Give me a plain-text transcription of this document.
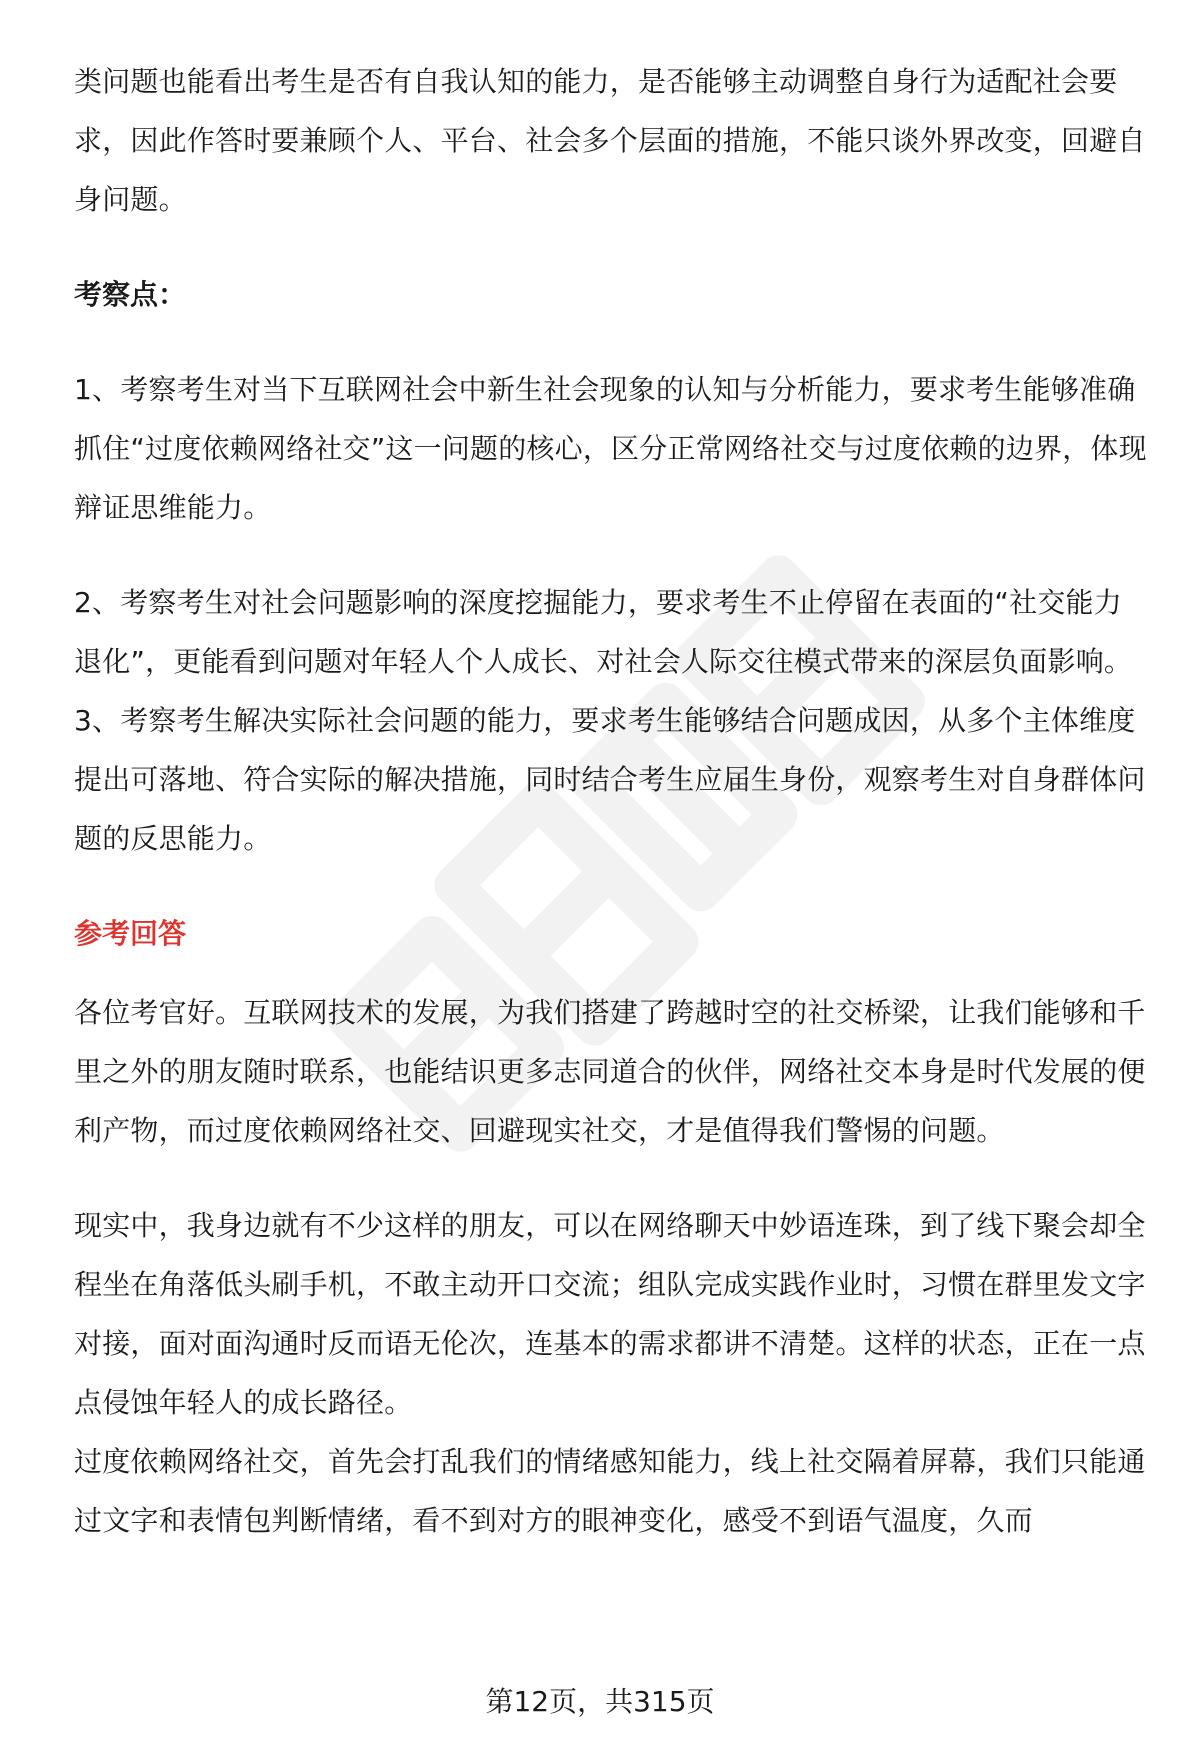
类问题也能看出考生是否有自我认知的能力，是否能够主动调整自身行为适配社会要求，因此作答时要兼顾个人、平台、社会多个层面的措施，不能只谈外界改变，回避自身问题。

考察点：

1、考察考生对当下互联网社会中新生社会现象的认知与分析能力，要求考生能够准确抓住“过度依赖网络社交”这一问题的核心，区分正常网络社交与过度依赖的边界，体现辩证思维能力。

2、考察考生对社会问题影响的深度挖掘能力，要求考生不止停留在表面的“社交能力退化”，更能看到问题对年轻人个人成长、对社会人际交往模式带来的深层负面影响。

3、考察考生解决实际社会问题的能力，要求考生能够结合问题成因，从多个主体维度提出可落地、符合实际的解决措施，同时结合考生应届生身份，观察考生对自身群体问题的反思能力。

参考回答

各位考官好。互联网技术的发展，为我们搭建了跨越时空的社交桥梁，让我们能够和千里之外的朋友随时联系，也能结识更多志同道合的伙伴，网络社交本身是时代发展的便利产物，而过度依赖网络社交、回避现实社交，才是值得我们警惕的问题。

现实中，我身边就有不少这样的朋友，可以在网络聊天中妙语连珠，到了线下聚会却全程坐在角落低头刷手机，不敢主动开口交流；组队完成实践作业时，习惯在群里发文字对接，面对面沟通时反而语无伦次，连基本的需求都讲不清楚。这样的状态，正在一点点侵蚀年轻人的成长路径。

过度依赖网络社交，首先会打乱我们的情绪感知能力，线上社交隔着屏幕，我们只能通过文字和表情包判断情绪，看不到对方的眼神变化，感受不到语气温度，久而

第12页，共315页
